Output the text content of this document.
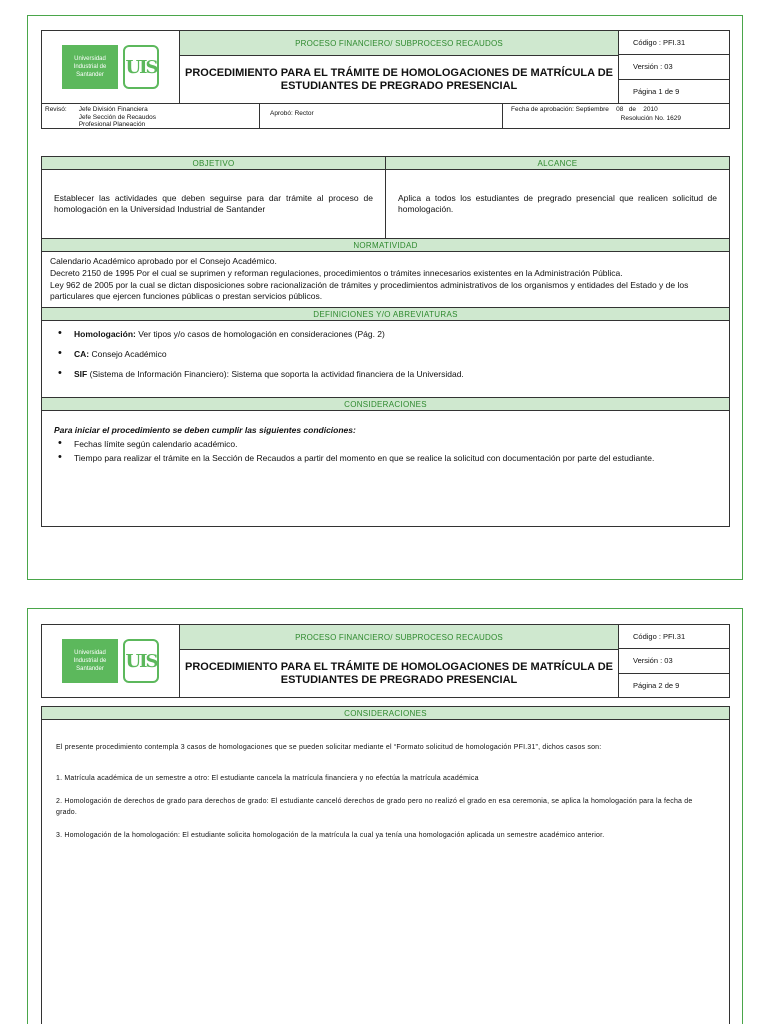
Universidad Industrial de Santander	UIS
PROCESO FINANCIERO/ SUBPROCESO RECAUDOS
PROCEDIMIENTO PARA EL TRÁMITE DE HOMOLOGACIONES DE MATRÍCULA DE ESTUDIANTES DE PREGRADO PRESENCIAL
Código : PFI.31
Versión : 03
Página 1 de 9
Revisó: Jefe División Financiera
Jefe Sección de Recaudos
Profesional Planeación
Aprobó: Rector
Fecha de aprobación: Septiembre    08   de    2010
Resolución No. 1629
OBJETIVO	ALCANCE
Establecer las actividades que deben seguirse para dar trámite al proceso de homologación en la Universidad Industrial de Santander
Aplica a todos los estudiantes de pregrado presencial que realicen solicitud de homologación.
NORMATIVIDAD

Calendario Académico aprobado por el Consejo Académico.

Decreto 2150 de 1995 Por el cual se suprimen y reforman regulaciones, procedimientos o trámites innecesarios existentes en la Administración Pública.

Ley 962 de 2005 por la cual se dictan disposiciones sobre racionalización de trámites y procedimientos administrativos de los organismos y entidades del Estado y de los particulares que ejercen funciones públicas o prestan servicios públicos.

DEFINICIONES Y/O ABREVIATURAS
• Homologación: Ver tipos y/o casos de homologación en consideraciones (Pág. 2)
• CA: Consejo Académico
• SIF (Sistema de Información Financiero): Sistema que soporta la actividad financiera de la Universidad.
CONSIDERACIONES

Para iniciar el procedimiento se deben cumplir las siguientes condiciones:

• Fechas límite según calendario académico.
• Tiempo para realizar el trámite en la Sección de Recaudos a partir del momento en que se realice la solicitud con documentación por parte del estudiante.
Universidad Industrial de Santander	UIS
PROCESO FINANCIERO/ SUBPROCESO RECAUDOS
PROCEDIMIENTO PARA EL TRÁMITE DE HOMOLOGACIONES DE MATRÍCULA DE ESTUDIANTES DE PREGRADO PRESENCIAL
Código : PFI.31
Versión : 03
Página 2 de 9
CONSIDERACIONES
El presente procedimiento contempla 3 casos de homologaciones que se pueden solicitar mediante el “Formato solicitud de homologación PFI.31”, dichos casos son:
1. Matrícula académica de un semestre a otro: El estudiante cancela la matrícula financiera y no efectúa la matrícula académica
2. Homologación de derechos de grado para derechos de grado: El estudiante canceló derechos de grado pero no realizó el grado en esa ceremonia, se aplica la homologación para la fecha de grado.
3. Homologación de la homologación: El estudiante solicita homologación de la matrícula la cual ya tenía una homologación aplicada un semestre académico anterior.
